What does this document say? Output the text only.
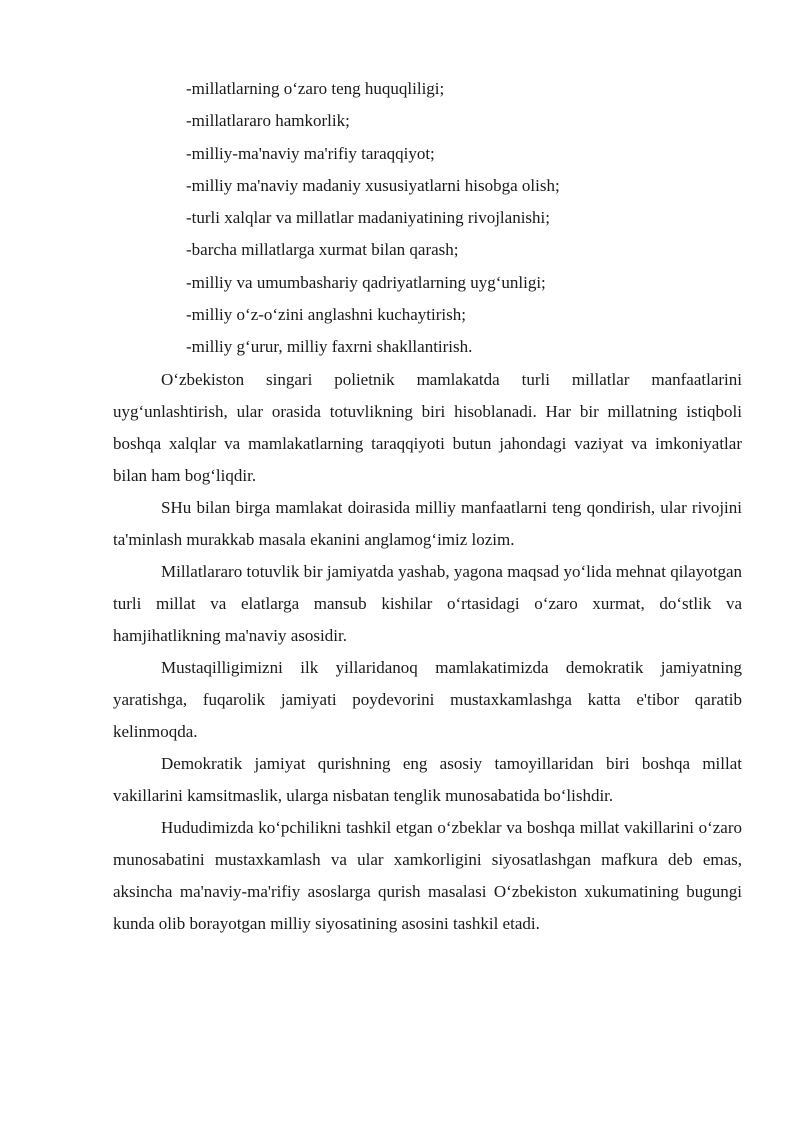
-millatlarning o‘zaro teng huquqliligi;
-millatlararo hamkorlik;
-milliy-ma'naviy ma'rifiy taraqqiyot;
-milliy ma'naviy madaniy xususiyatlarni hisobga olish;
-turli xalqlar va millatlar madaniyatining rivojlanishi;
-barcha millatlarga xurmat bilan qarash;
-milliy va umumbashariy qadriyatlarning uyg‘unligi;
-milliy o‘z-o‘zini anglashni kuchaytirish;
-milliy g‘urur, milliy faxrni shakllantirish.

O‘zbekiston singari polietnik mamlakatda turli millatlar manfaatlarini uyg‘unlashtirish, ular orasida totuvlikning biri hisoblanadi. Har bir millatning istiqboli boshqa xalqlar va mamlakatlarning taraqqiyoti butun jahondagi vaziyat va imkoniyatlar bilan ham bog‘liqdir.

SHu bilan birga mamlakat doirasida milliy manfaatlarni teng qondirish, ular rivojini ta'minlash murakkab masala ekanini anglamog‘imiz lozim.

Millatlararo totuvlik bir jamiyatda yashab, yagona maqsad yo‘lida mehnat qilayotgan turli millat va elatlarga mansub kishilar o‘rtasidagi o‘zaro xurmat, do‘stlik va hamjihatlikning ma'naviy asosidir.

Mustaqilligimizni ilk yillaridanoq mamlakatimizda demokratik jamiyatning yaratishga, fuqarolik jamiyati poydevorini mustaxkamlashga katta e'tibor qaratib kelinmoqda.

Demokratik jamiyat qurishning eng asosiy tamoyillaridan biri boshqa millat vakillarini kamsitmaslik, ularga nisbatan tenglik munosabatida bo‘lishdir.

Hududimizda ko‘pchilikni tashkil etgan o‘zbeklar va boshqa millat vakillarini o‘zaro munosabatini mustaxkamlash va ular xamkorligini siyosatlashgan mafkura deb emas, aksincha ma'naviy-ma'rifiy asoslarga qurish masalasi O‘zbekiston xukumatining bugungi kunda olib borayotgan milliy siyosatining asosini tashkil etadi.
